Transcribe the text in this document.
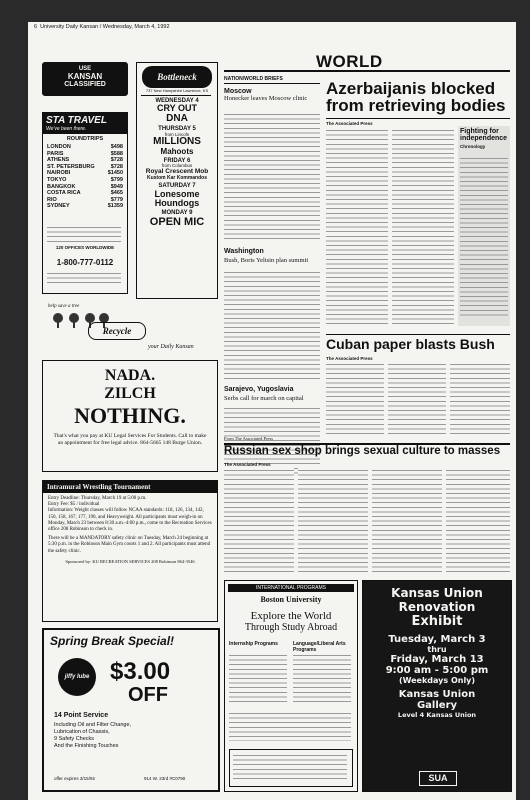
6 University Daily Kansan / Wednesday, March 4, 1992
USE
KANSAN
CLASSIFIED
STA TRAVEL
We've been there.
ROUNDTRIPS
LONDON	$498
PARIS	$588
ATHENS	$728
ST. PETERSBURG	$728
NAIROBI	$1450
TOKYO	$799
BANGKOK	$949
COSTA RICA	$465
RIO	$779
SYDNEY	$1359
120 OFFICES WORLDWIDE
1-800-777-0112
Bottleneck
737 New Hampshire Lawrence, KS
WEDNESDAY 4
CRY OUT
DNA
THURSDAY 5
from Lincoln
MILLIONS
Mahoots
FRIDAY 6
from Columbus
Royal Crescent Mob
Kustom Kar Kommandos
SATURDAY 7
Lonesome Houndogs
MONDAY 9
OPEN MIC
help save a tree
Recycle
your Daily Kansan
NADA.
ZILCH
NOTHING.
That's what you pay at KU Legal Services For Students. Call to make an appointment for free legal advice. 864-5665 148 Burge Union.
Intramural Wrestling Tournament
Entry Deadline: Thursday, March 19 at 5:00 p.m.
Entry Fee: $5 / individual
Information: Weight classes will follow NCAA standards: 118, 126, 134, 142, 150, 158, 167, 177, 190, and Heavyweight. All participants must weigh-in on Monday, March 23 between 8:30 a.m.-4:00 p.m., come to the Recreation Services office 208 Robinson to check in.
There will be a MANDATORY safety clinic on Tuesday, March 24 beginning at 5:30 p.m. in the Robinson Main Gym courts 1 and 2. All participants must attend the safety clinic.
Sponsored by: KU RECREATION SERVICES 208 Robinson 864-3546
Spring Break Special!
jiffy lube $3.00
OFF
14 Point Service
Including Oil and Filter Change,
Lubrication of Chassis,
9 Safety Checks
And the Finishing Touches
offer expires 3/15/92	914 W. 23rd #C0790
WORLD
NATION/WORLD BRIEFS
Moscow
Honecker leaves Moscow clinic
Washington
Bush, Boris Yeltsin plan summit
Sarajevo, Yugoslavia
Serbs call for march on capital
Azerbaijanis blocked from retrieving bodies
The Associated Press
Fighting for independence
Chronology
Cuban paper blasts Bush
The Associated Press
From The Associated Press
Russian sex shop brings sexual culture to masses
The Associated Press
INTERNATIONAL PROGRAMS
Boston University
Explore the World
Through Study Abroad
Internship Programs	Language/Liberal Arts Programs
Kansas Union
Renovation
Exhibit
Tuesday, March 3
thru
Friday, March 13
9:00 am - 5:00 pm
(Weekdays Only)
Kansas Union
Gallery
Level 4 Kansas Union
SUA
